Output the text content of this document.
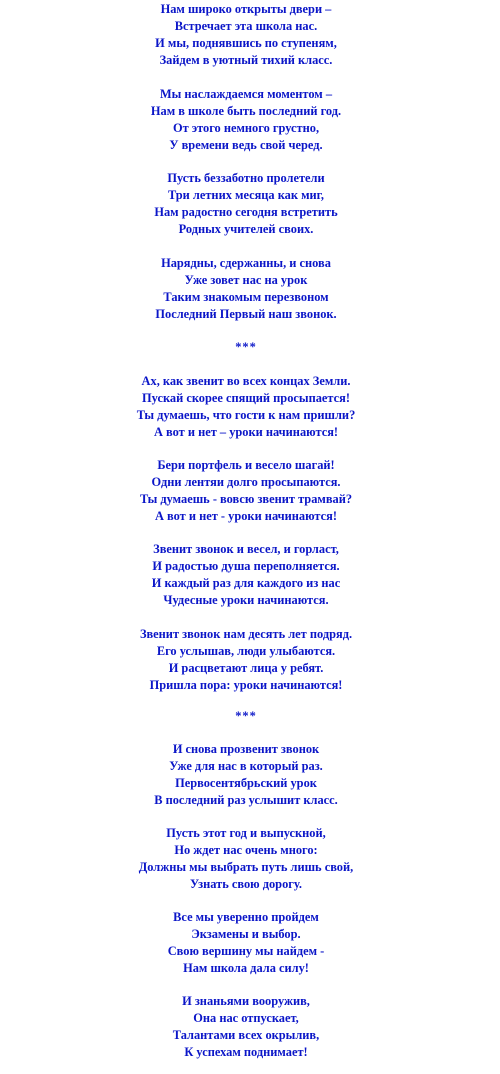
Нам широко открыты двери –
Встречает эта школа нас.
И мы, поднявшись по ступеням,
Зайдем в уютный тихий класс.
Мы наслаждаемся моментом –
Нам в школе быть последний год.
От этого немного грустно,
У времени ведь свой черед.
Пусть беззаботно пролетели
Три летних месяца как миг,
Нам радостно сегодня встретить
Родных учителей своих.
Нарядны, сдержанны, и снова
Уже зовет нас на урок
Таким знакомым перезвоном
Последний Первый наш звонок.
***
Ах, как звенит во всех концах Земли.
Пускай скорее спящий просыпается!
Ты думаешь, что гости к нам пришли?
А вот и нет – уроки начинаются!
Бери портфель и весело шагай!
Одни лентяи долго просыпаются.
Ты думаешь - вовсю звенит трамвай?
А вот и нет - уроки начинаются!
Звенит звонок и весел, и горласт,
И радостью душа переполняется.
И каждый раз для каждого из нас
Чудесные уроки начинаются.
Звенит звонок нам десять лет подряд.
Его услышав, люди улыбаются.
И расцветают лица у ребят.
Пришла пора: уроки начинаются!
***
И снова прозвенит звонок
Уже для нас в который раз.
Первосентябрьский урок
В последний раз услышит класс.
Пусть этот год и выпускной,
Но ждет нас очень много:
Должны мы выбрать путь лишь свой,
Узнать свою дорогу.
Все мы уверенно пройдем
Экзамены и выбор.
Свою вершину мы найдем -
Нам школа дала силу!
И знаньями вооружив,
Она нас отпускает,
Талантами всех окрылив,
К успехам поднимает!
